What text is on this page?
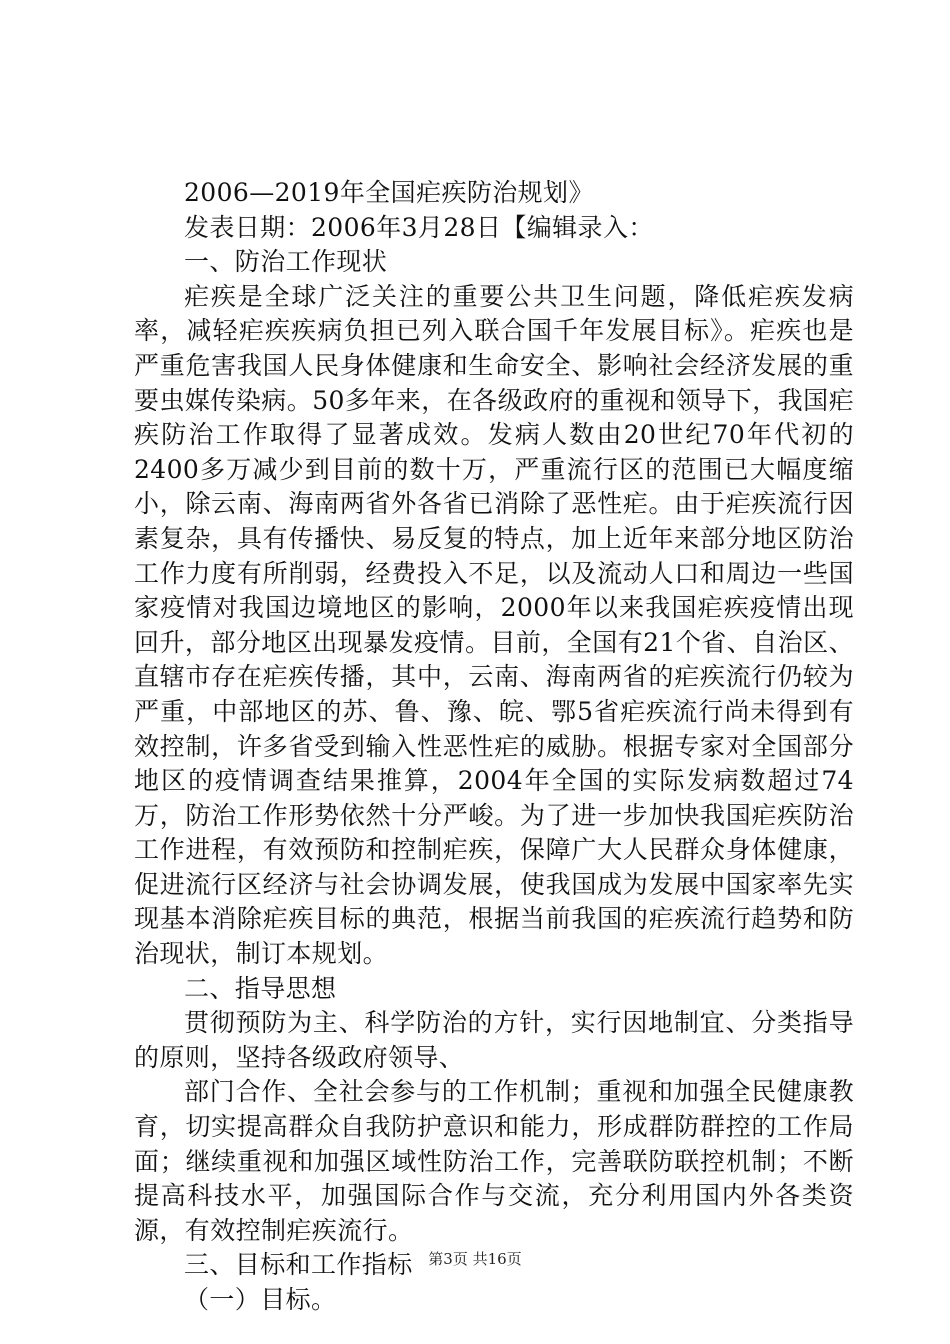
2006—2019年全国疟疾防治规划》

发表日期：2006年3月28日【编辑录入：

一、防治工作现状

疟疾是全球广泛关注的重要公共卫生问题，降低疟疾发病率，减轻疟疾疾病负担已列入联合国千年发展目标》。疟疾也是严重危害我国人民身体健康和生命安全、影响社会经济发展的重要虫媒传染病。50多年来，在各级政府的重视和领导下，我国疟疾防治工作取得了显著成效。发病人数由20世纪70年代初的2400多万减少到目前的数十万，严重流行区的范围已大幅度缩小，除云南、海南两省外各省已消除了恶性疟。由于疟疾流行因素复杂，具有传播快、易反复的特点，加上近年来部分地区防治工作力度有所削弱，经费投入不足，以及流动人口和周边一些国家疫情对我国边境地区的影响，2000年以来我国疟疾疫情出现回升，部分地区出现暴发疫情。目前，全国有21个省、自治区、直辖市存在疟疾传播，其中，云南、海南两省的疟疾流行仍较为严重，中部地区的苏、鲁、豫、皖、鄂5省疟疾流行尚未得到有效控制，许多省受到输入性恶性疟的威胁。根据专家对全国部分地区的疫情调查结果推算，2004年全国的实际发病数超过74万，防治工作形势依然十分严峻。为了进一步加快我国疟疾防治工作进程，有效预防和控制疟疾，保障广大人民群众身体健康，促进流行区经济与社会协调发展，使我国成为发展中国家率先实现基本消除疟疾目标的典范，根据当前我国的疟疾流行趋势和防治现状，制订本规划。

二、指导思想

贯彻预防为主、科学防治的方针，实行因地制宜、分类指导的原则，坚持各级政府领导、

部门合作、全社会参与的工作机制；重视和加强全民健康教育，切实提高群众自我防护意识和能力，形成群防群控的工作局面；继续重视和加强区域性防治工作，完善联防联控机制；不断提高科技水平，加强国际合作与交流，充分利用国内外各类资源，有效控制疟疾流行。

三、目标和工作指标

（一）目标。

第3页 共16页
